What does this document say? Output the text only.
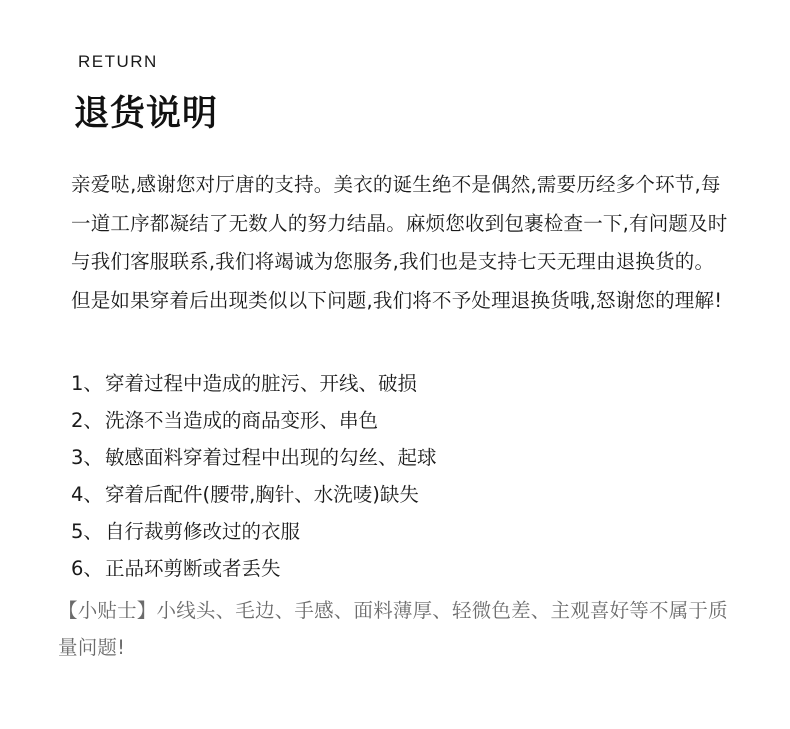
RETURN
退货说明

亲爱哒,感谢您对厅唐的支持。美衣的诞生绝不是偶然,需要历经多个环节,每一道工序都凝结了无数人的努力结晶。麻烦您收到包裹检查一下,有问题及时与我们客服联系,我们将竭诚为您服务,我们也是支持七天无理由退换货的。但是如果穿着后出现类似以下问题,我们将不予处理退换货哦,怒谢您的理解!

1、 穿着过程中造成的脏污、开线、破损
2、 洗涤不当造成的商品变形、串色
3、 敏感面料穿着过程中出现的勾丝、起球
4、 穿着后配件(腰带,胸针、水洗唛)缺失
5、 自行裁剪修改过的衣服
6、 正品环剪断或者丢失

【小贴士】小线头、毛边、手感、面料薄厚、轻微色差、主观喜好等不属于质量问题!
